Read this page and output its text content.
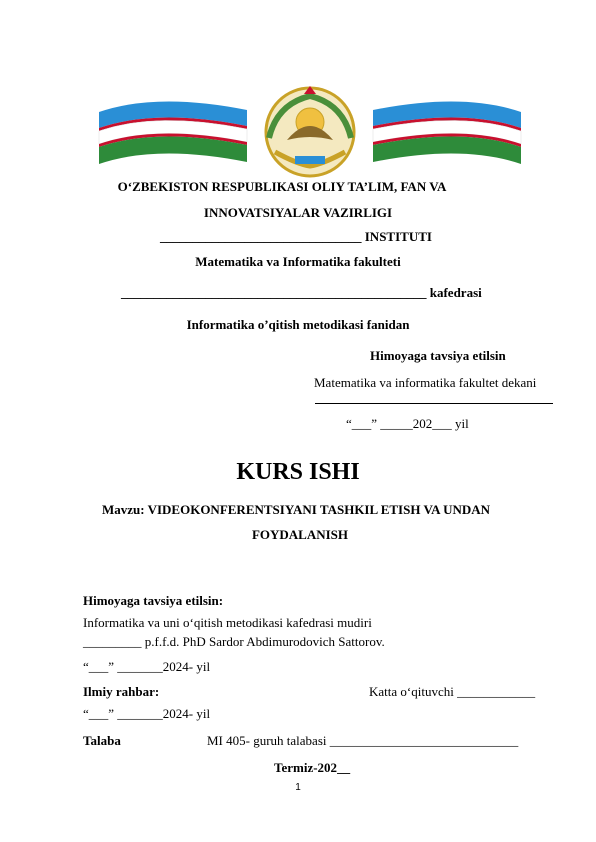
O‘ZBEKISTON RESPUBLIKASI OLIY TA’LIM, FAN VA
INNOVATSIYALAR VAZIRLIGI
_______________________________ INSTITUTI
Matematika va Informatika fakulteti
_______________________________________________ kafedrasi
Informatika o’qitish metodikasi fanidan
Himoyaga tavsiya etilsin
Matematika va informatika fakultet dekani
“___” _____202___ yil
KURS ISHI
Mavzu: VIDEOKONFERENTSIYANI TASHKIL ETISH VA UNDAN
FOYDALANISH
Himoyaga tavsiya etilsin:
Informatika va uni o‘qitish metodikasi kafedrasi mudiri
_________ p.f.f.d. PhD Sardor Abdimurodovich Sattorov.
“___” _______2024- yil
Ilmiy rahbar:	Katta o‘qituvchi ____________
“___” _______2024- yil
Talaba	MI 405- guruh talabasi _____________________________
Termiz-202__
1
